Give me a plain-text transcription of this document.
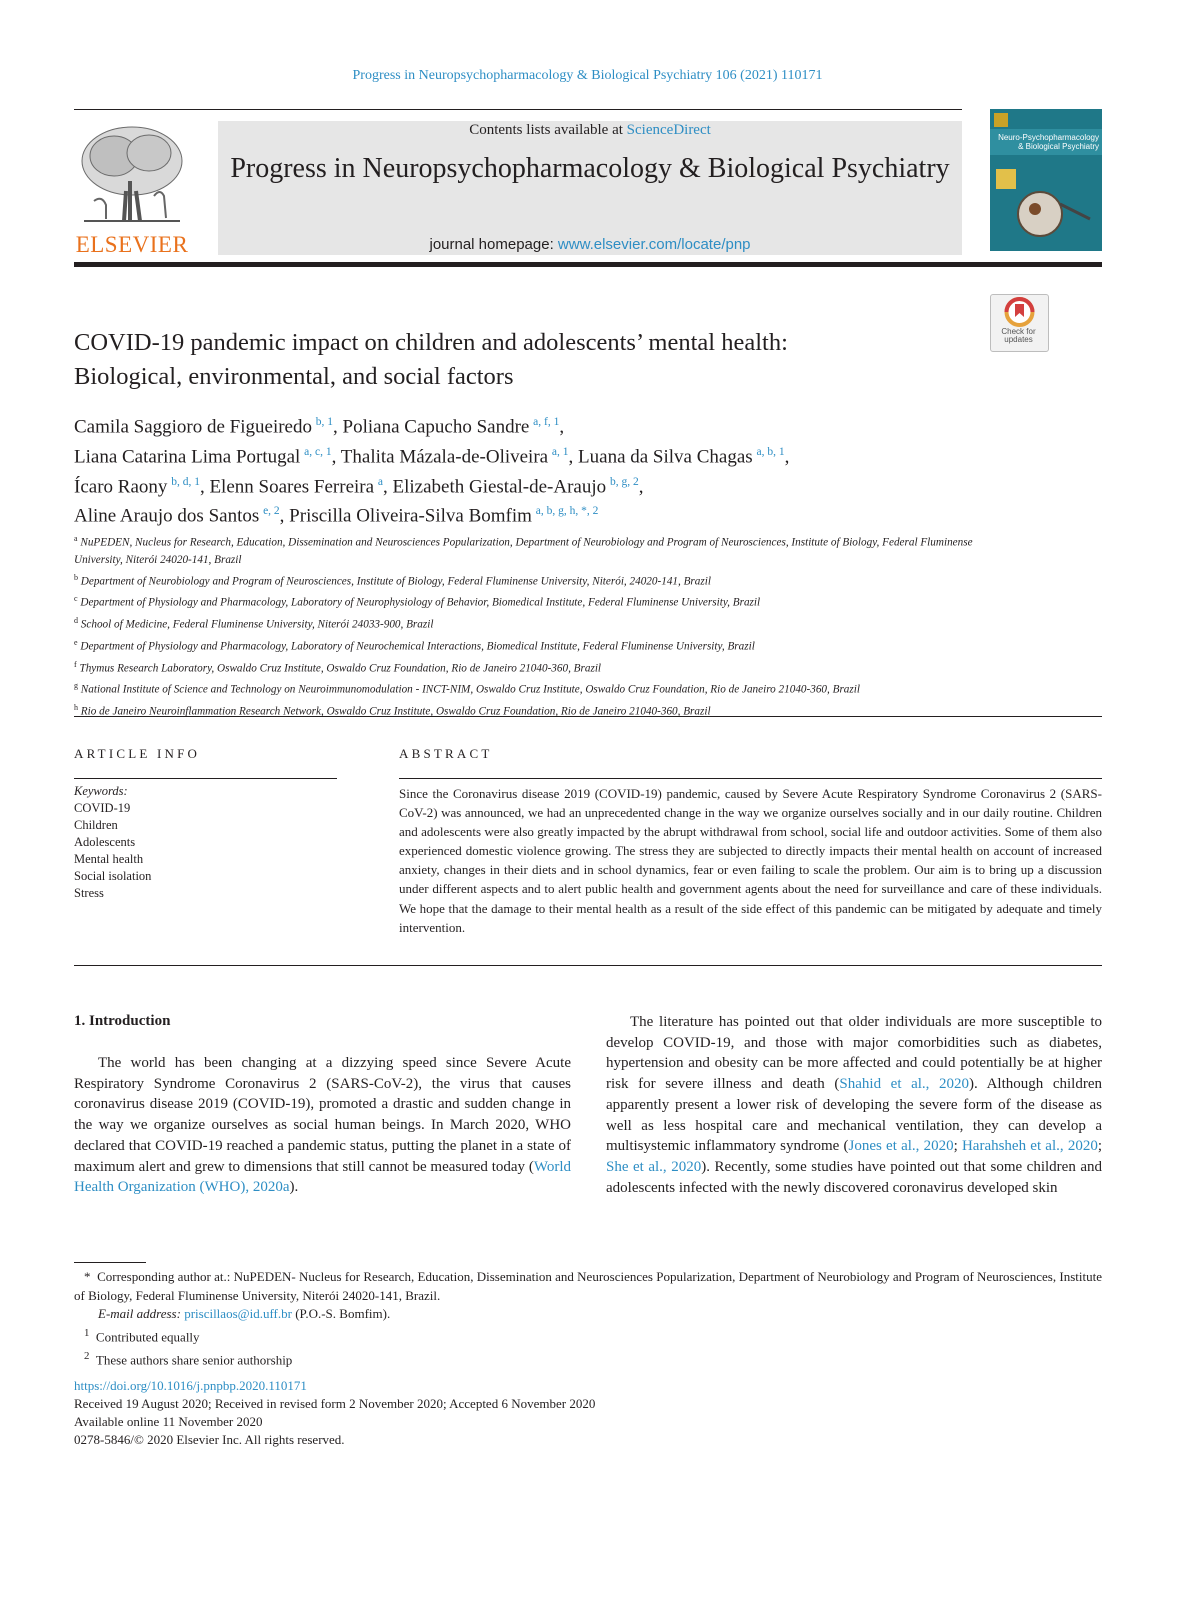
Progress in Neuropsychopharmacology & Biological Psychiatry 106 (2021) 110171
ELSEVIER
Contents lists available at ScienceDirect
Progress in Neuropsychopharmacology & Biological Psychiatry
journal homepage: www.elsevier.com/locate/pnp
Neuro-Psychopharmacology & Biological Psychiatry
Check for updates
COVID-19 pandemic impact on children and adolescents’ mental health:
Biological, environmental, and social factors
Camila Saggioro de Figueiredo  $^{b, 1}$, Poliana Capucho Sandre  $^{a, f, 1}$,
Liana Catarina Lima Portugal  $^{a, c, 1}$, Thalita Mázala-de-Oliveira  $^{a, 1}$, Luana da Silva Chagas  $^{a, b, 1}$,
Ícaro Raony  $^{b, d, 1}$, Elenn Soares Ferreira  $^a$, Elizabeth Giestal-de-Araujo  $^{b, g, 2}$,
Aline Araujo dos Santos  $^{e, 2}$, Priscilla Oliveira-Silva Bomfim  $^{a, b, g, h, *, 2}$
$^a$ NuPEDEN, Nucleus for Research, Education, Dissemination and Neurosciences Popularization, Department of Neurobiology and Program of Neurosciences, Institute of Biology, Federal Fluminense University, Niterói 24020-141, Brazil
$^b$ Department of Neurobiology and Program of Neurosciences, Institute of Biology, Federal Fluminense University, Niterói, 24020-141, Brazil
$^c$ Department of Physiology and Pharmacology, Laboratory of Neurophysiology of Behavior, Biomedical Institute, Federal Fluminense University, Brazil
$^d$ School of Medicine, Federal Fluminense University, Niterói 24033-900, Brazil
$^e$ Department of Physiology and Pharmacology, Laboratory of Neurochemical Interactions, Biomedical Institute, Federal Fluminense University, Brazil
$^f$ Thymus Research Laboratory, Oswaldo Cruz Institute, Oswaldo Cruz Foundation, Rio de Janeiro 21040-360, Brazil
$^g$ National Institute of Science and Technology on Neuroimmunomodulation - INCT-NIM, Oswaldo Cruz Institute, Oswaldo Cruz Foundation, Rio de Janeiro 21040-360, Brazil
$^h$ Rio de Janeiro Neuroinflammation Research Network, Oswaldo Cruz Institute, Oswaldo Cruz Foundation, Rio de Janeiro 21040-360, Brazil
ARTICLE INFO	ABSTRACT
Keywords:
COVID-19
Children
Adolescents
Mental health
Social isolation
Stress
Since the Coronavirus disease 2019 (COVID-19) pandemic, caused by Severe Acute Respiratory Syndrome Coronavirus 2 (SARS-CoV-2) was announced, we had an unprecedented change in the way we organize ourselves socially and in our daily routine. Children and adolescents were also greatly impacted by the abrupt withdrawal from school, social life and outdoor activities. Some of them also experienced domestic violence growing. The stress they are subjected to directly impacts their mental health on account of increased anxiety, changes in their diets and in school dynamics, fear or even failing to scale the problem. Our aim is to bring up a discussion under different aspects and to alert public health and government agents about the need for surveillance and care of these individuals. We hope that the damage to their mental health as a result of the side effect of this pandemic can be mitigated by adequate and timely intervention.
1. Introduction
The world has been changing at a dizzying speed since Severe Acute Respiratory Syndrome Coronavirus 2 (SARS-CoV-2), the virus that causes coronavirus disease 2019 (COVID-19), promoted a drastic and sudden change in the way we organize ourselves as social human beings. In March 2020, WHO declared that COVID-19 reached a pandemic status, putting the planet in a state of maximum alert and grew to dimensions that still cannot be measured today (World Health Organization (WHO), 2020a).
The literature has pointed out that older individuals are more susceptible to develop COVID-19, and those with major comorbidities such as diabetes, hypertension and obesity can be more affected and could potentially be at higher risk for severe illness and death (Shahid et al., 2020). Although children apparently present a lower risk of developing the severe form of the disease as well as less hospital care and mechanical ventilation, they can develop a multisystemic inflammatory syndrome (Jones et al., 2020; Harahsheh et al., 2020; She et al., 2020). Recently, some studies have pointed out that some children and adolescents infected with the newly discovered coronavirus developed skin

* Corresponding author at.: NuPEDEN- Nucleus for Research, Education, Dissemination and Neurosciences Popularization, Department of Neurobiology and Program of Neurosciences, Institute of Biology, Federal Fluminense University, Niterói 24020-141, Brazil.

E-mail address: priscillaos@id.uff.br (P.O.-S. Bomfim).

$^1$ Contributed equally

$^2$ These authors share senior authorship

https://doi.org/10.1016/j.pnpbp.2020.110171
Received 19 August 2020; Received in revised form 2 November 2020; Accepted 6 November 2020
Available online 11 November 2020
0278-5846/© 2020 Elsevier Inc. All rights reserved.
